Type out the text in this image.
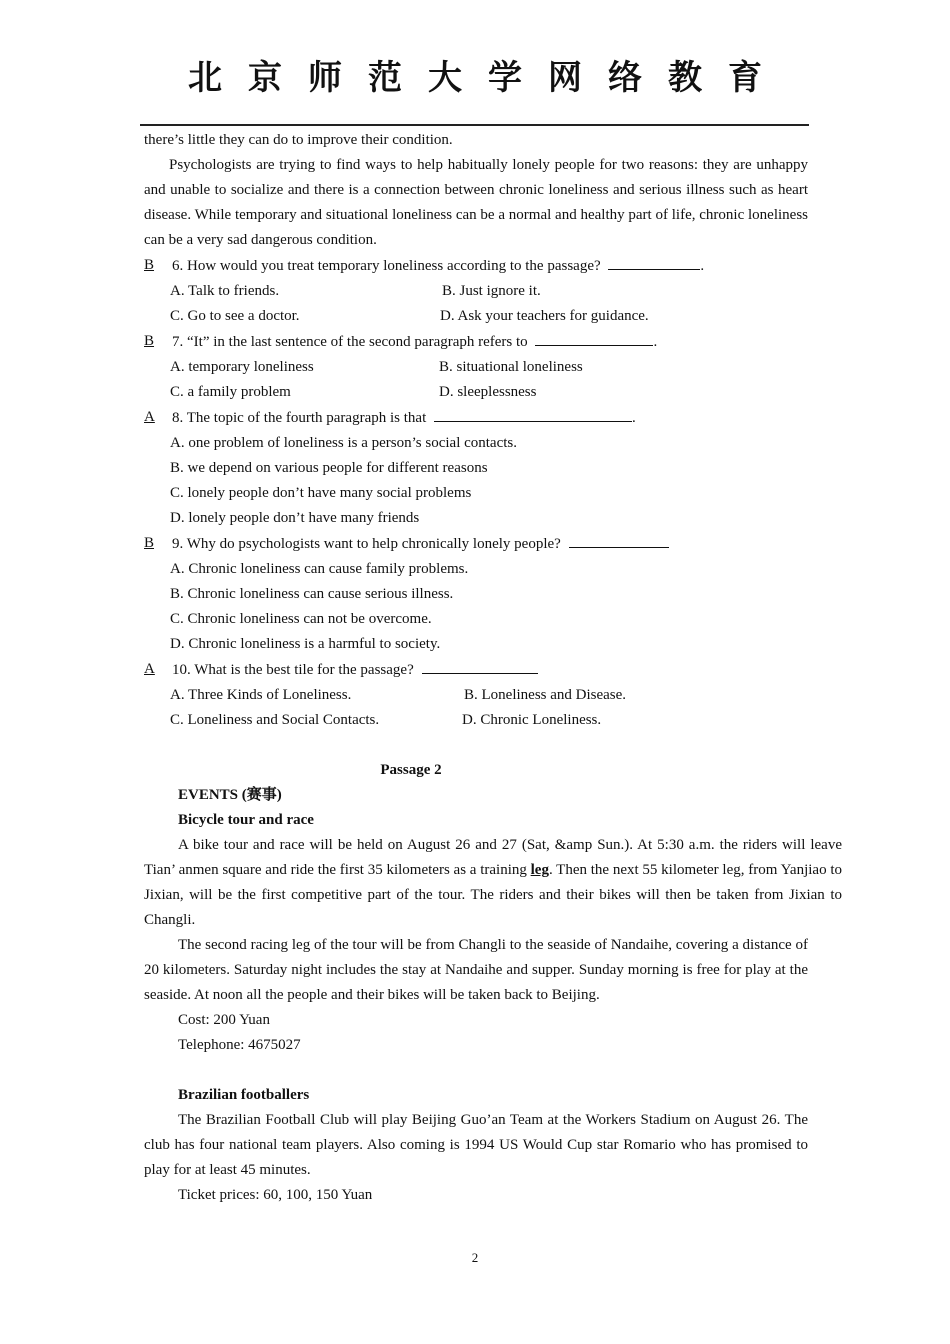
北京师范大学网络教育

there’s little they can do to improve their condition.

Psychologists are trying to find ways to help habitually lonely people for two reasons: they are unhappy and unable to socialize and there is a connection between chronic loneliness and serious illness such as heart disease. While temporary and situational loneliness can be a normal and healthy part of life, chronic loneliness can be a very sad dangerous condition.

B 6. How would you treat temporary loneliness according to the passage?	.

A. Talk to friends.	B. Just ignore it.

C. Go to see a doctor.	D. Ask your teachers for guidance.

B 7. “It” in the last sentence of the second paragraph refers to	.

A. temporary loneliness	B. situational loneliness

C. a family problem	D. sleeplessness

A 8. The topic of the fourth paragraph is that	.

A. one problem of loneliness is a person’s social contacts.

B. we depend on various people for different reasons

C. lonely people don’t have many social problems

D. lonely people don’t have many friends

B 9. Why do psychologists want to help chronically lonely people?

A. Chronic loneliness can cause family problems.

B. Chronic loneliness can cause serious illness.

C. Chronic loneliness can not be overcome.

D. Chronic loneliness is a harmful to society.

A 10. What is the best tile for the passage?

A. Three Kinds of Loneliness.	B. Loneliness and Disease.

C. Loneliness and Social Contacts.	D. Chronic Loneliness.

Passage 2

EVENTS (赛事)

Bicycle tour and race

A bike tour and race will be held on August 26 and 27 (Sat, &amp Sun.). At 5:30 a.m. the riders will leave Tian’ anmen square and ride the first 35 kilometers as a training leg. Then the next 55 kilometer leg, from Yanjiao to Jixian, will be the first competitive part of the tour. The riders and their bikes will then be taken from Jixian to Changli.

The second racing leg of the tour will be from Changli to the seaside of Nandaihe, covering a distance of 20 kilometers. Saturday night includes the stay at Nandaihe and supper. Sunday morning is free for play at the seaside. At noon all the people and their bikes will be taken back to Beijing.

Cost: 200 Yuan

Telephone: 4675027

Brazilian footballers

The Brazilian Football Club will play Beijing Guo’an Team at the Workers Stadium on August 26. The club has four national team players. Also coming is 1994 US Would Cup star Romario who has promised to play for at least 45 minutes.

Ticket prices: 60, 100, 150 Yuan

2
